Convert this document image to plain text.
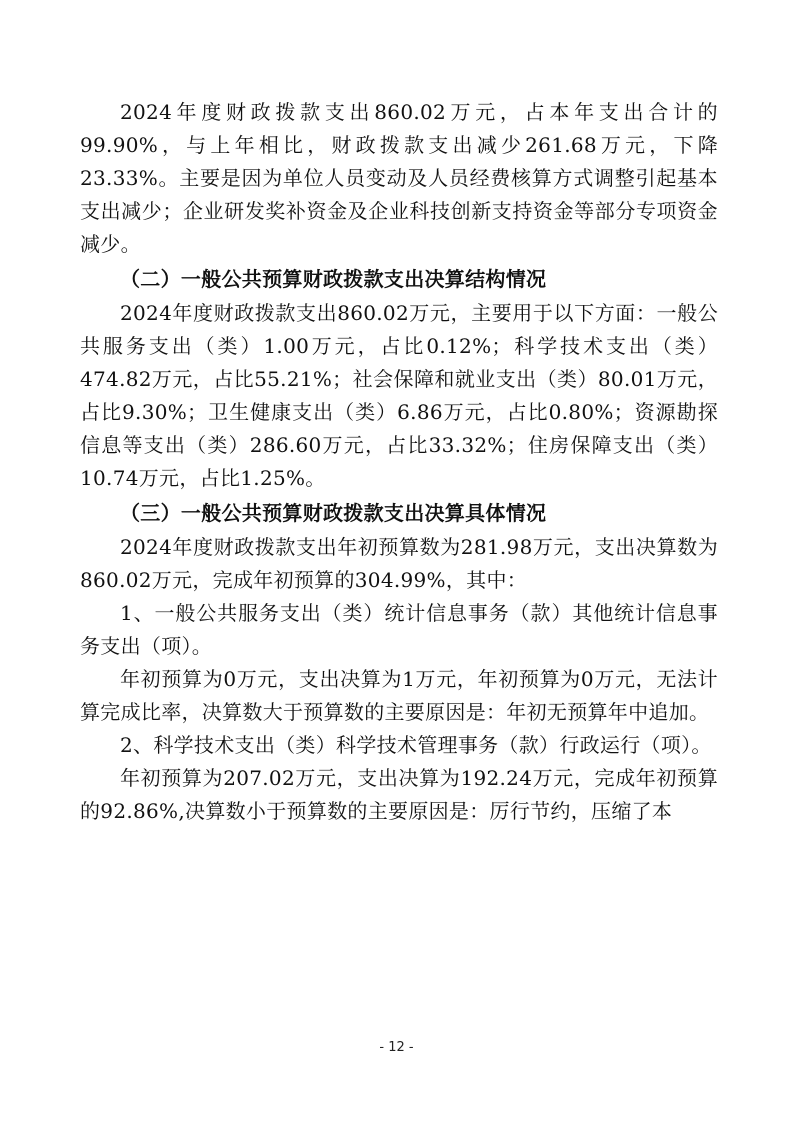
2024年度财政拨款支出860.02万元，占本年支出合计的99.90%，与上年相比，财政拨款支出减少261.68万元，下降23.33%。主要是因为单位人员变动及人员经费核算方式调整引起基本支出减少；企业研发奖补资金及企业科技创新支持资金等部分专项资金减少。

（二）一般公共预算财政拨款支出决算结构情况

2024年度财政拨款支出860.02万元，主要用于以下方面：一般公共服务支出（类）1.00万元，占比0.12%；科学技术支出（类）474.82万元，占比55.21%；社会保障和就业支出（类）80.01万元，占比9.30%；卫生健康支出（类）6.86万元，占比0.80%；资源勘探信息等支出（类）286.60万元，占比33.32%；住房保障支出（类）10.74万元，占比1.25%。

（三）一般公共预算财政拨款支出决算具体情况

2024年度财政拨款支出年初预算数为281.98万元，支出决算数为860.02万元，完成年初预算的304.99%，其中：

1、一般公共服务支出（类）统计信息事务（款）其他统计信息事务支出（项）。

年初预算为0万元，支出决算为1万元，年初预算为0万元，无法计算完成比率，决算数大于预算数的主要原因是：年初无预算年中追加。

2、科学技术支出（类）科学技术管理事务（款）行政运行（项）。

年初预算为207.02万元，支出决算为192.24万元，完成年初预算的92.86%,决算数小于预算数的主要原因是：厉行节约，压缩了本

- 12 -
